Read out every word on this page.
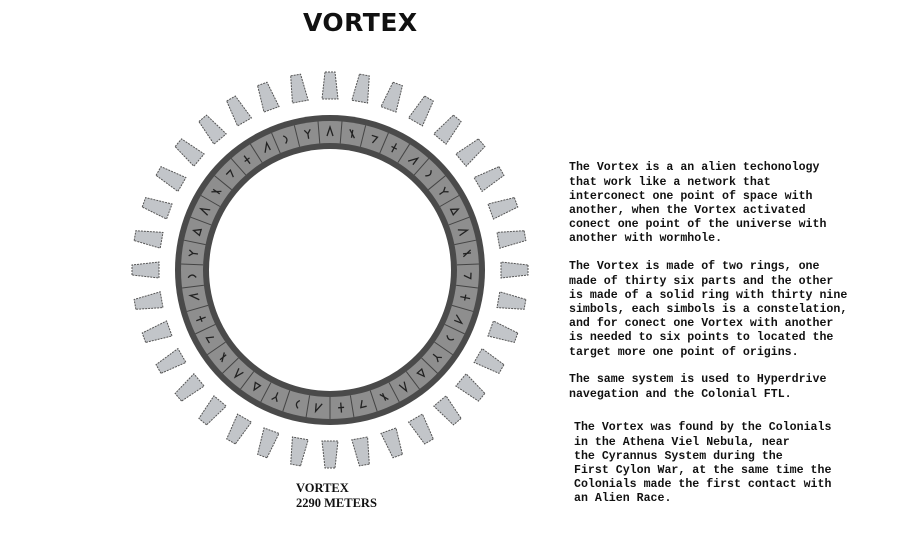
VORTEX
VORTEX
2290 METERS

The Vortex is a an alien techonology
that work like a network that
interconect one point of space with
another, when the Vortex activated
conect one point of the universe with
another with wormhole.

The Vortex is made of two rings, one
made of thirty six parts and the other
is made of a solid ring with thirty nine
simbols, each simbols is a constelation,
and for conect one Vortex with another
is needed to six points to located the
target more one point of origins.

The same system is used to Hyperdrive
navegation and the Colonial FTL.

The Vortex was found by the Colonials
in the Athena Viel Nebula, near
the Cyrannus System during the
First Cylon War, at the same time the
Colonials made the first contact with
an Alien Race.
